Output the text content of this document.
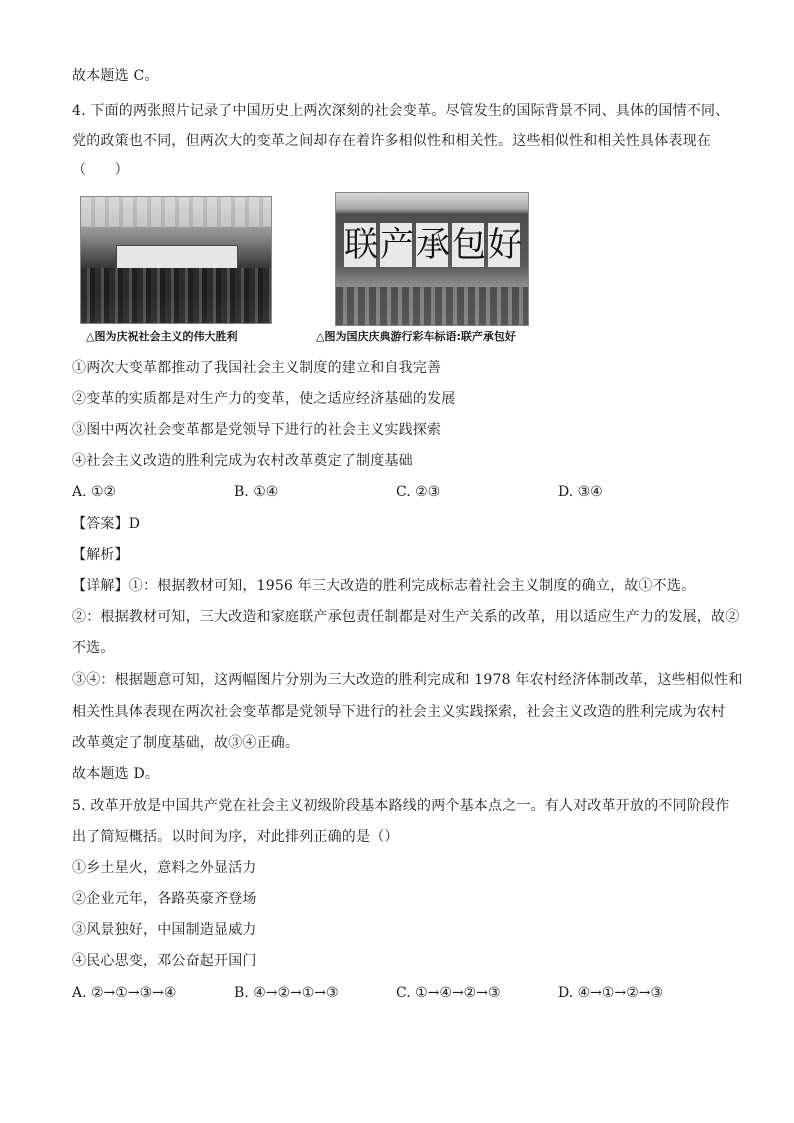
故本题选 C。
4. 下面的两张照片记录了中国历史上两次深刻的社会变革。尽管发生的国际背景不同、具体的国情不同、
党的政策也不同，但两次大的变革之间却存在着许多相似性和相关性。这些相似性和相关性具体表现在
（　　）
联 产 承 包 好
△图为庆祝社会主义的伟大胜利	△图为国庆庆典游行彩车标语:联产承包好
①两次大变革都推动了我国社会主义制度的建立和自我完善
②变革的实质都是对生产力的变革，使之适应经济基础的发展
③图中两次社会变革都是党领导下进行的社会主义实践探索
④社会主义改造的胜利完成为农村改革奠定了制度基础
A. ①②	B. ①④	C. ②③	D. ③④
【答案】D
【解析】
【详解】①：根据教材可知，1956 年三大改造的胜利完成标志着社会主义制度的确立，故①不选。
②：根据教材可知，三大改造和家庭联产承包责任制都是对生产关系的改革，用以适应生产力的发展，故②
不选。
③④：根据题意可知，这两幅图片分别为三大改造的胜利完成和 1978 年农村经济体制改革，这些相似性和
相关性具体表现在两次社会变革都是党领导下进行的社会主义实践探索，社会主义改造的胜利完成为农村
改革奠定了制度基础，故③④正确。
故本题选 D。
5. 改革开放是中国共产党在社会主义初级阶段基本路线的两个基本点之一。有人对改革开放的不同阶段作
出了简短概括。以时间为序，对此排列正确的是（）
①乡土星火，意料之外显活力
②企业元年，各路英豪齐登场
③风景独好，中国制造显威力
④民心思变，邓公奋起开国门
A. ②→①→③→④	B. ④→②→①→③	C. ①→④→②→③	D. ④→①→②→③
